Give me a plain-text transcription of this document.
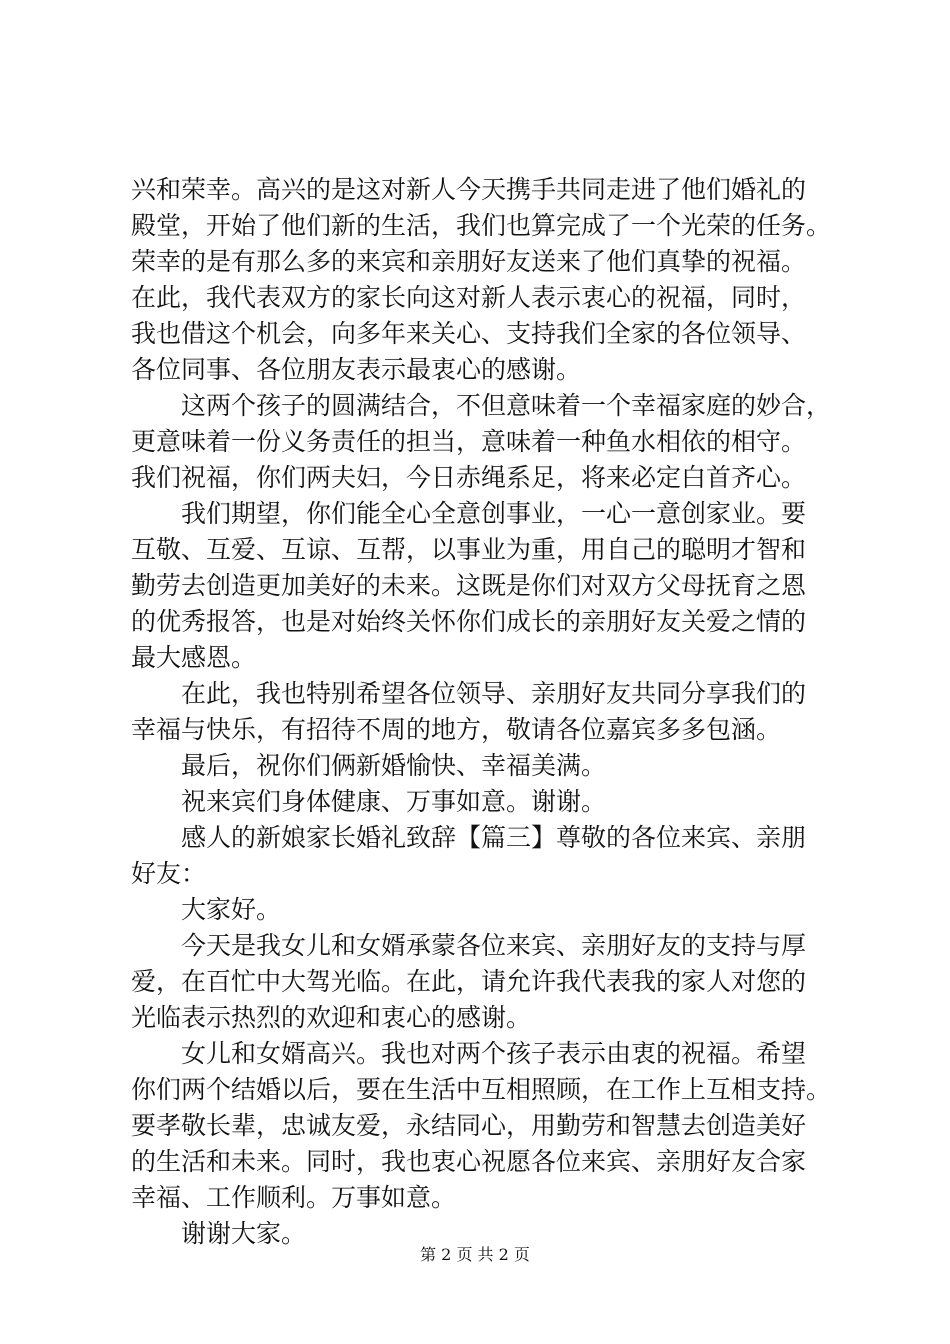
兴和荣幸。高兴的是这对新人今天携手共同走进了他们婚礼的
殿堂，开始了他们新的生活，我们也算完成了一个光荣的任务。
荣幸的是有那么多的来宾和亲朋好友送来了他们真挚的祝福。
在此，我代表双方的家长向这对新人表示衷心的祝福，同时，
我也借这个机会，向多年来关心、支持我们全家的各位领导、
各位同事、各位朋友表示最衷心的感谢。
　　这两个孩子的圆满结合，不但意味着一个幸福家庭的妙合，
更意味着一份义务责任的担当，意味着一种鱼水相依的相守。
我们祝福，你们两夫妇，今日赤绳系足，将来必定白首齐心。
　　我们期望，你们能全心全意创事业，一心一意创家业。要
互敬、互爱、互谅、互帮，以事业为重，用自己的聪明才智和
勤劳去创造更加美好的未来。这既是你们对双方父母抚育之恩
的优秀报答，也是对始终关怀你们成长的亲朋好友关爱之情的
最大感恩。
　　在此，我也特别希望各位领导、亲朋好友共同分享我们的
幸福与快乐，有招待不周的地方，敬请各位嘉宾多多包涵。
　　最后，祝你们俩新婚愉快、幸福美满。
　　祝来宾们身体健康、万事如意。谢谢。
　　感人的新娘家长婚礼致辞【篇三】尊敬的各位来宾、亲朋
好友：
　　大家好。
　　今天是我女儿和女婿承蒙各位来宾、亲朋好友的支持与厚
爱，在百忙中大驾光临。在此，请允许我代表我的家人对您的
光临表示热烈的欢迎和衷心的感谢。
　　女儿和女婿高兴。我也对两个孩子表示由衷的祝福。希望
你们两个结婚以后，要在生活中互相照顾，在工作上互相支持。
要孝敬长辈，忠诚友爱，永结同心，用勤劳和智慧去创造美好
的生活和未来。同时，我也衷心祝愿各位来宾、亲朋好友合家
幸福、工作顺利。万事如意。
　　谢谢大家。
第 2 页 共 2 页
